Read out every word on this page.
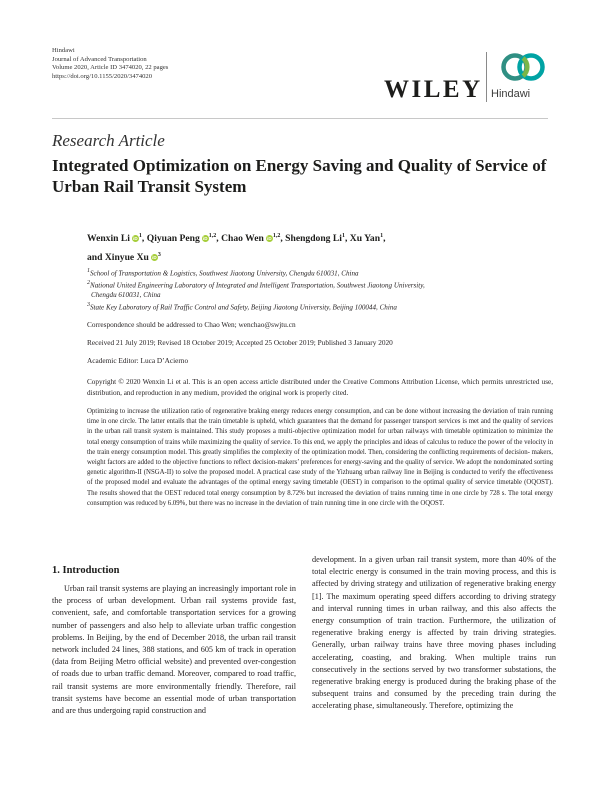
Hindawi
Journal of Advanced Transportation
Volume 2020, Article ID 3474020, 22 pages
https://doi.org/10.1155/2020/3474020	WILEY Hindawi
Research Article
Integrated Optimization on Energy Saving and Quality of Service of Urban Rail Transit System
Wenxin Li $iD^1$, Qiyuan Peng iD$^{1,2}$, Chao Wen iD$^{1,2}$, Shengdong Li$^1$, Xu Yan$^1$,
and Xinyue Xu $iD^3$
$^1$School of Transportation & Logistics, Southwest Jiaotong University, Chengdu 610031, China
$^2$National United Engineering Laboratory of Integrated and Intelligent Transportation, Southwest Jiaotong University,
Chengdu 610031, China
$^3$State Key Laboratory of Rail Traffic Control and Safety, Beijing Jiaotong University, Beijing 100044, China
Correspondence should be addressed to Chao Wen; wenchao@swjtu.cn
Received 21 July 2019; Revised 18 October 2019; Accepted 25 October 2019; Published 3 January 2020
Academic Editor: Luca D’Acierno
Copyright © 2020 Wenxin Li et al. This is an open access article distributed under the Creative Commons Attribution License, which permits unrestricted use, distribution, and reproduction in any medium, provided the original work is properly cited.
Optimizing to increase the utilization ratio of regenerative braking energy reduces energy consumption, and can be done without increasing the deviation of train running time in one circle. The latter entails that the train timetable is upheld, which guarantees that the demand for passenger transport services is met and the quality of services in the urban rail transit system is maintained. This study proposes a multi-objective optimization model for urban railways with timetable optimization to minimize the total energy consumption of trains while maximizing the quality of service. To this end, we apply the principles and ideas of calculus to reduce the power of the velocity in the train energy consumption model. This greatly simplifies the complexity of the optimization model. Then, considering the conflicting requirements of decision- makers, weight factors are added to the objective functions to reflect decision-makers’ preferences for energy-saving and the quality of service. We adopt the nondominated sorting genetic algorithm-II (NSGA-II) to solve the proposed model. A practical case study of the Yizhuang urban railway line in Beijing is conducted to verify the effectiveness of the proposed model and evaluate the advantages of the optimal energy saving timetable (OEST) in comparison to the optimal quality of service timetable (OQOST). The results showed that the OEST reduced total energy consumption by 8.72% but increased the deviation of trains running time in one circle by 728 s. The total energy consumption was reduced by 6.09%, but there was no increase in the deviation of train running time in one circle with the OQOST.
1. Introduction

Urban rail transit systems are playing an increasingly important role in the process of urban development. Urban rail systems provide fast, convenient, safe, and comfortable transportation services for a growing number of passengers and also help to alleviate urban traffic congestion problems. In Beijing, by the end of December 2018, the urban rail transit network included 24 lines, 388 stations, and 605 km of track in operation (data from Beijing Metro official website) and prevented over-congestion of roads due to urban traffic demand. Moreover, compared to road traffic, rail transit systems are more environmentally friendly. Therefore, rail transit systems have become an essential mode of urban transportation and are thus undergoing rapid construction and

development. In a given urban rail transit system, more than 40% of the total electric energy is consumed in the train moving process, and this is affected by driving strategy and utilization of regenerative braking energy [1]. The maximum operating speed differs according to driving strategy and interval running times in urban railway, and this also affects the energy consumption of train traction. Furthermore, the utilization of regenerative braking energy is affected by train driving strategies. Generally, urban railway trains have three moving phases including accelerating, coasting, and braking. When multiple trains run consecutively in the sections served by two transformer substations, the regenerative braking energy is produced during the braking phase of the subsequent trains and consumed by the preceding train during the accelerating phase, simultaneously. Therefore, optimizing the
